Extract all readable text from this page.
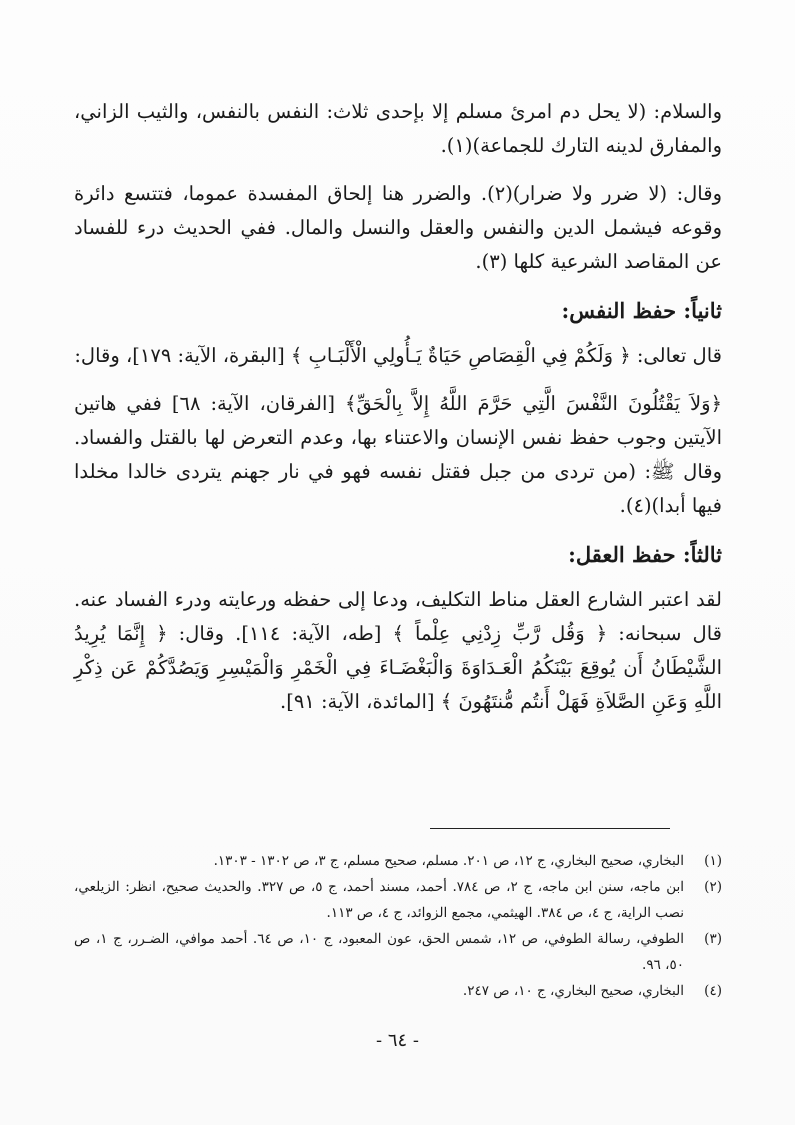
والسلام: (لا يحل دم امرئ مسلم إلا بإحدى ثلاث: النفس بالنفس، والثيب الزاني، والمفارق لدينه التارك للجماعة)(١).

وقال: (لا ضرر ولا ضرار)(٢). والضرر هنا إلحاق المفسدة عموما، فتتسع دائرة وقوعه فيشمل الدين والنفس والعقل والنسل والمال. ففي الحديث درء للفساد عن المقاصد الشرعية كلها (٣).

ثانياً: حفظ النفس:

قال تعالى: ﴿ وَلَكُمْ فِي الْقِصَاصِ حَيَاةٌ يَـأُولِي الْأَلْبَـابِ ﴾ [البقرة، الآية: ١٧٩]، وقال:

﴿وَلاَ يَقْتُلُونَ النَّفْسَ الَّتِي حَرَّمَ اللَّهُ إِلاَّ بِالْحَقِّ﴾ [الفرقان، الآية: ٦٨] ففي هاتين الآيتين وجوب حفظ نفس الإنسان والاعتناء بها، وعدم التعرض لها بالقتل والفساد. وقال ﷺ: (من تردى من جبل فقتل نفسه فهو في نار جهنم يتردى خالدا مخلدا فيها أبدا)(٤).

ثالثاً: حفظ العقل:

لقد اعتبر الشارع العقل مناط التكليف، ودعا إلى حفظه ورعايته ودرء الفساد عنه. قال سبحانه: ﴿ وَقُل رَّبِّ زِدْنِي عِلْماً ﴾ [طه، الآية: ١١٤]. وقال: ﴿ إِنَّمَا يُرِيدُ الشَّيْطَانُ أَن يُوقِعَ بَيْنَكُمُ الْعَـدَاوَةَ وَالْبَغْضَـاءَ فِي الْخَمْرِ وَالْمَيْسِرِ وَيَصُدَّكُمْ عَن ذِكْرِ اللَّهِ وَعَنِ الصَّلاَةِ فَهَلْ أَنتُم مُّنتَهُونَ ﴾ [المائدة، الآية: ٩١].

(١)
البخاري، صحيح البخاري، ج ١٢، ص ٢٠١. مسلم، صحيح مسلم، ج ٣، ص ١٣٠٢ - ١٣٠٣.
(٢)
ابن ماجه، سنن ابن ماجه، ج ٢، ص ٧٨٤. أحمد، مسند أحمد، ج ٥، ص ٣٢٧. والحديث صحيح، انظر: الزيلعي، نصب الراية، ج ٤، ص ٣٨٤. الهيثمي، مجمع الزوائد، ج ٤، ص ١١٣.
(٣)
الطوفي، رسالة الطوفي، ص ١٢، شمس الحق، عون المعبود، ج ١٠، ص ٦٤. أحمد موافي، الضـرر، ج ١، ص ٥٠، ٩٦.
(٤)
البخاري، صحيح البخاري، ج ١٠، ص ٢٤٧.
- ٦٤ -
